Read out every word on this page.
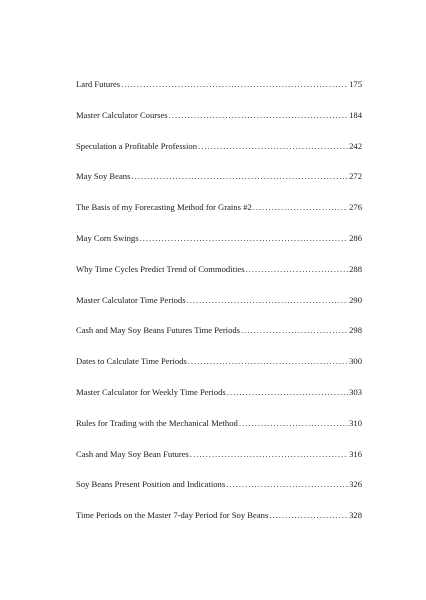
Lard Futures .....	175
Master Calculator Courses .....	184
Speculation a Profitable Profession .....	242
May Soy Beans .....	272
The Basis of my Forecasting Method for Grains #2 .....	276
May Corn Swings .....	286
Why Time Cycles Predict Trend of Commodities .....	288
Master Calculator Time Periods .....	290
Cash and May Soy Beans Futures Time Periods .....	298
Dates to Calculate Time Periods .....	300
Master Calculator for Weekly Time Periods .....	303
Rules for Trading with the Mechanical Method .....	310
Cash and May Soy Bean Futures .....	316
Soy Beans Present Position and Indications .....	326
Time Periods on the Master 7-day Period for Soy Beans .....	328
